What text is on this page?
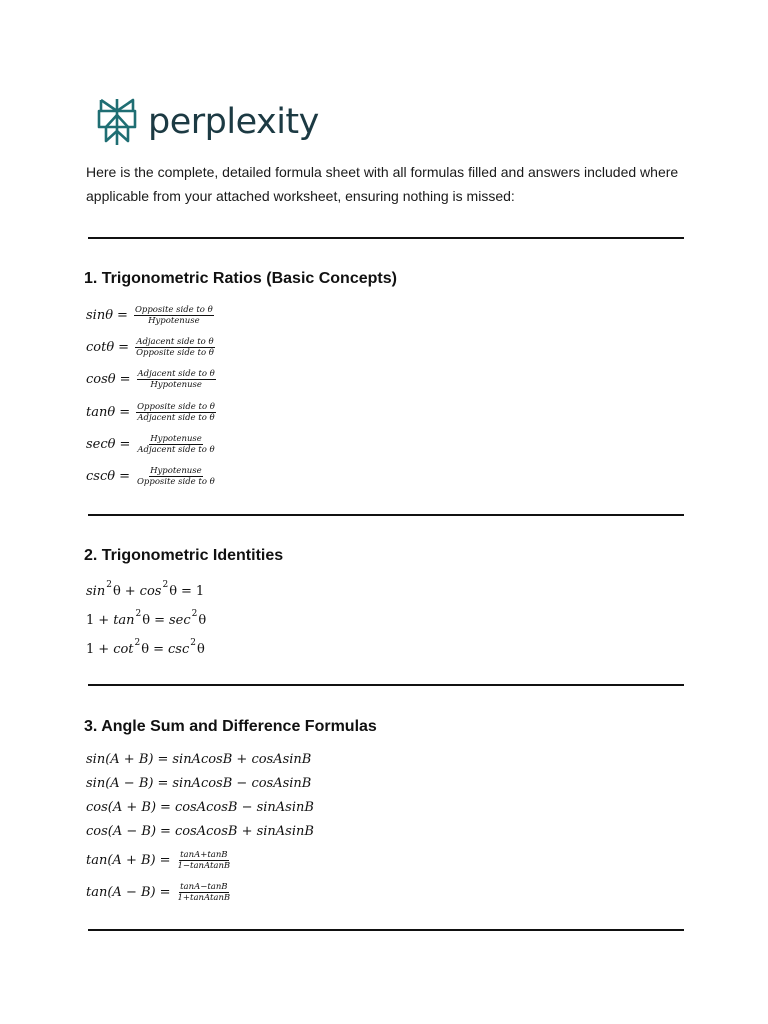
perplexity

Here is the complete, detailed formula sheet with all formulas filled and answers included where applicable from your attached worksheet, ensuring nothing is missed:

1. Trigonometric Ratios (Basic Concepts)
$\sin\theta = \frac{\text{Opposite side to θ}}{\text{Hypotenuse}}$
$\cot\theta = \frac{\text{Adjacent side to θ}}{\text{Opposite side to θ}}$
$\cos\theta = \frac{\text{Adjacent side to θ}}{\text{Hypotenuse}}$
$\tan\theta = \frac{\text{Opposite side to θ}}{\text{Adjacent side to θ}}$
$\sec\theta = \frac{\text{Hypotenuse}}{\text{Adjacent side to θ}}$
$\csc\theta = \frac{\text{Hypotenuse}}{\text{Opposite side to θ}}$
2. Trigonometric Identities
sin 2 θ + cos 2 θ = 1
1 + tan 2 θ = sec 2 θ
1 + cot 2 θ = csc 2 θ
3. Angle Sum and Difference Formulas
sin(A + B) = sinAcosB + cosAsinB
sin(A − B) = sinAcosB − cosAsinB
cos(A + B) = cosAcosB − sinAsinB
cos(A − B) = cosAcosB + sinAsinB
$\tan(A + B) = \frac{\tan A+\tan B}{\text{1−tanAtanB}}$
$\tan(A - B) = \frac{\tan A-\tan B}{\text{1+tanAtanB}}$
